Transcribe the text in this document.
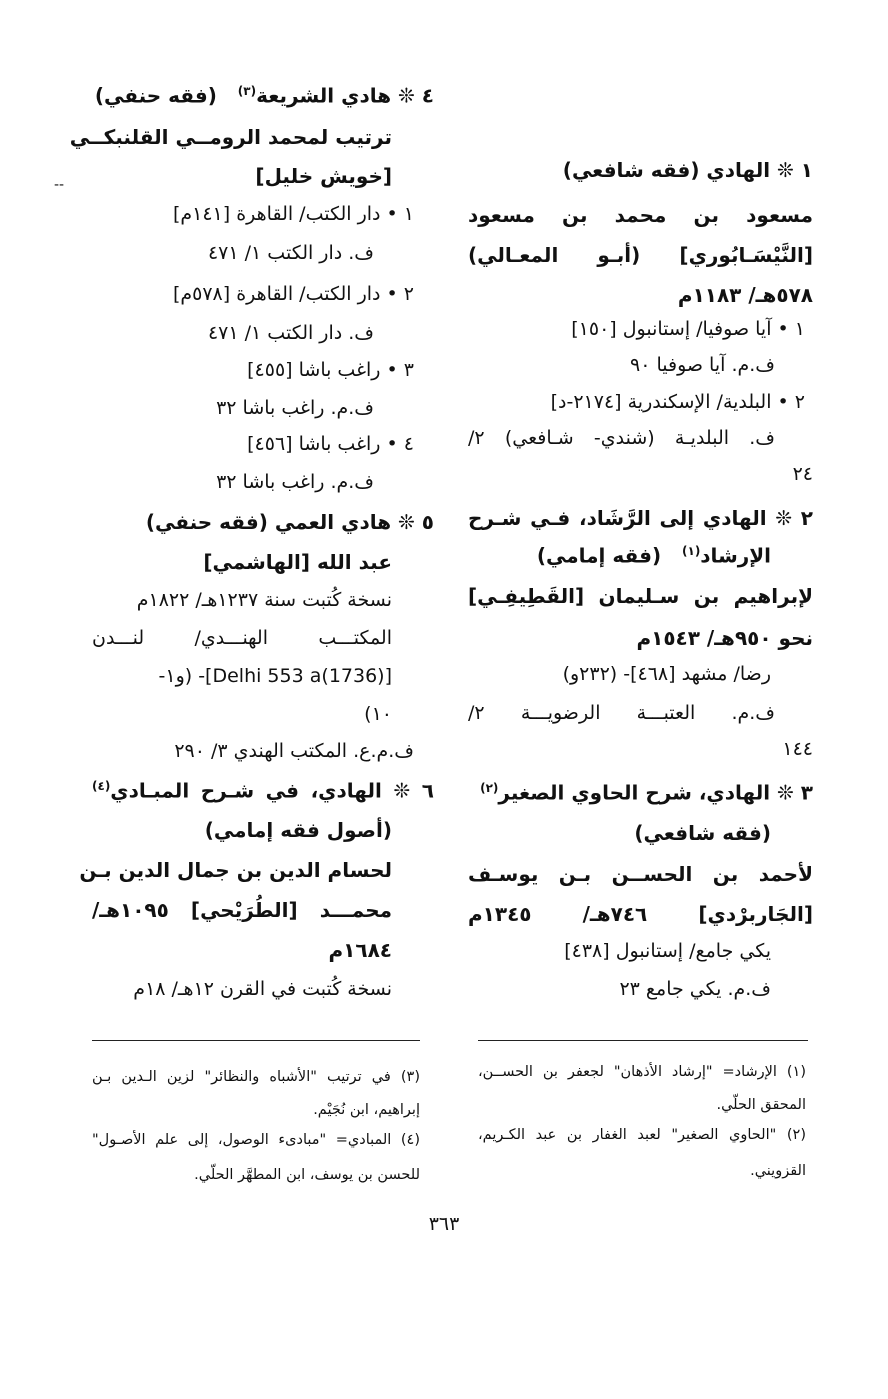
١ ❊ الهادي (فقه شافعي)
مسعود بن محمد بن مسعود
[النَّيْسَـابُوري] (أبـو المعـالي)
٥٧٨هـ/ ١١٨٣م
١ • آيا صوفيا/ إستانبول [١٥٠]
ف.م. آيا صوفيا ٩٠
٢ • البلدية/ الإسكندرية [٢١٧٤-د]
ف. البلديـة (شندي- شـافعي) ٢/
٢٤
٢ ❊ الهادي إلى الرَّشَاد، فـي شـرح
الإرشاد$^{(١)}$   (فقه إمامي)
لإبراهيم بن سـليمان [القَطِيفِـي]
نحو ٩٥٠هـ/ ١٥٤٣م
رضا/ مشهد [٤٦٨]- (٢٣٢و)
ف.م. العتبـــة الرضويـــة ٢/
١٤٤
٣ ❊ الهادي، شرح الحاوي الصغير$^{(٢)}$
(فقه شافعي)
لأحمد بن الحســن بـن يوسـف
[الجَاربرْدي] ٧٤٦هـ/ ١٣٤٥م
يكي جامع/ إستانبول [٤٣٨]
ف.م. يكي جامع ٢٣
٤ ❊ هادي الشريعة$^{(٣)}$   (فقه حنفي)
ترتيب لمحمد الرومــي القلنبكــي
[خويش خليل]
١ • دار الكتب/ القاهرة [١٤١م]
ف. دار الكتب ١/ ٤٧١
٢ • دار الكتب/ القاهرة [٥٧٨م]
ف. دار الكتب ١/ ٤٧١
٣ • راغب باشا [٤٥٥]
ف.م. راغب باشا ٣٢
٤ • راغب باشا [٤٥٦]
ف.م. راغب باشا ٣٢
٥ ❊ هادي العمي (فقه حنفي)
عبد الله [الهاشمي]
نسخة كُتبت سنة ١٢٣٧هـ/ ١٨٢٢م
المكتـــب الهنـــدي/ لنـــدن
[(1736)Delhi 553 a]- (و١-
١٠)
ف.م.ع. المكتب الهندي ٣/ ٢٩٠
٦ ❊ الهادي، في شـرح المبـادي$^{(٤)}$
(أصول فقه إمامي)
لحسام الدين بن جمال الدين بـن
محمـــد [الطُرَيْحي] ١٠٩٥هـ/
١٦٨٤م
نسخة كُتبت في القرن ١٢هـ/ ١٨م
(١) الإرشاد= "إرشاد الأذهان" لجعفر بن الحســن،
المحقق الحلّي.
(٢) "الحاوي الصغير" لعبد الغفار بن عبد الكـريم،
القزويني.
(٣) في ترتيب "الأشباه والنظائر" لزين الـدين بـن
إبراهيم، ابن نُجَيْم.
(٤) المبادي= "مبادىء الوصول، إلى علم الأصـول"
للحسن بن يوسف، ابن المطهَّر الحلّي.
٣٦٣
--
